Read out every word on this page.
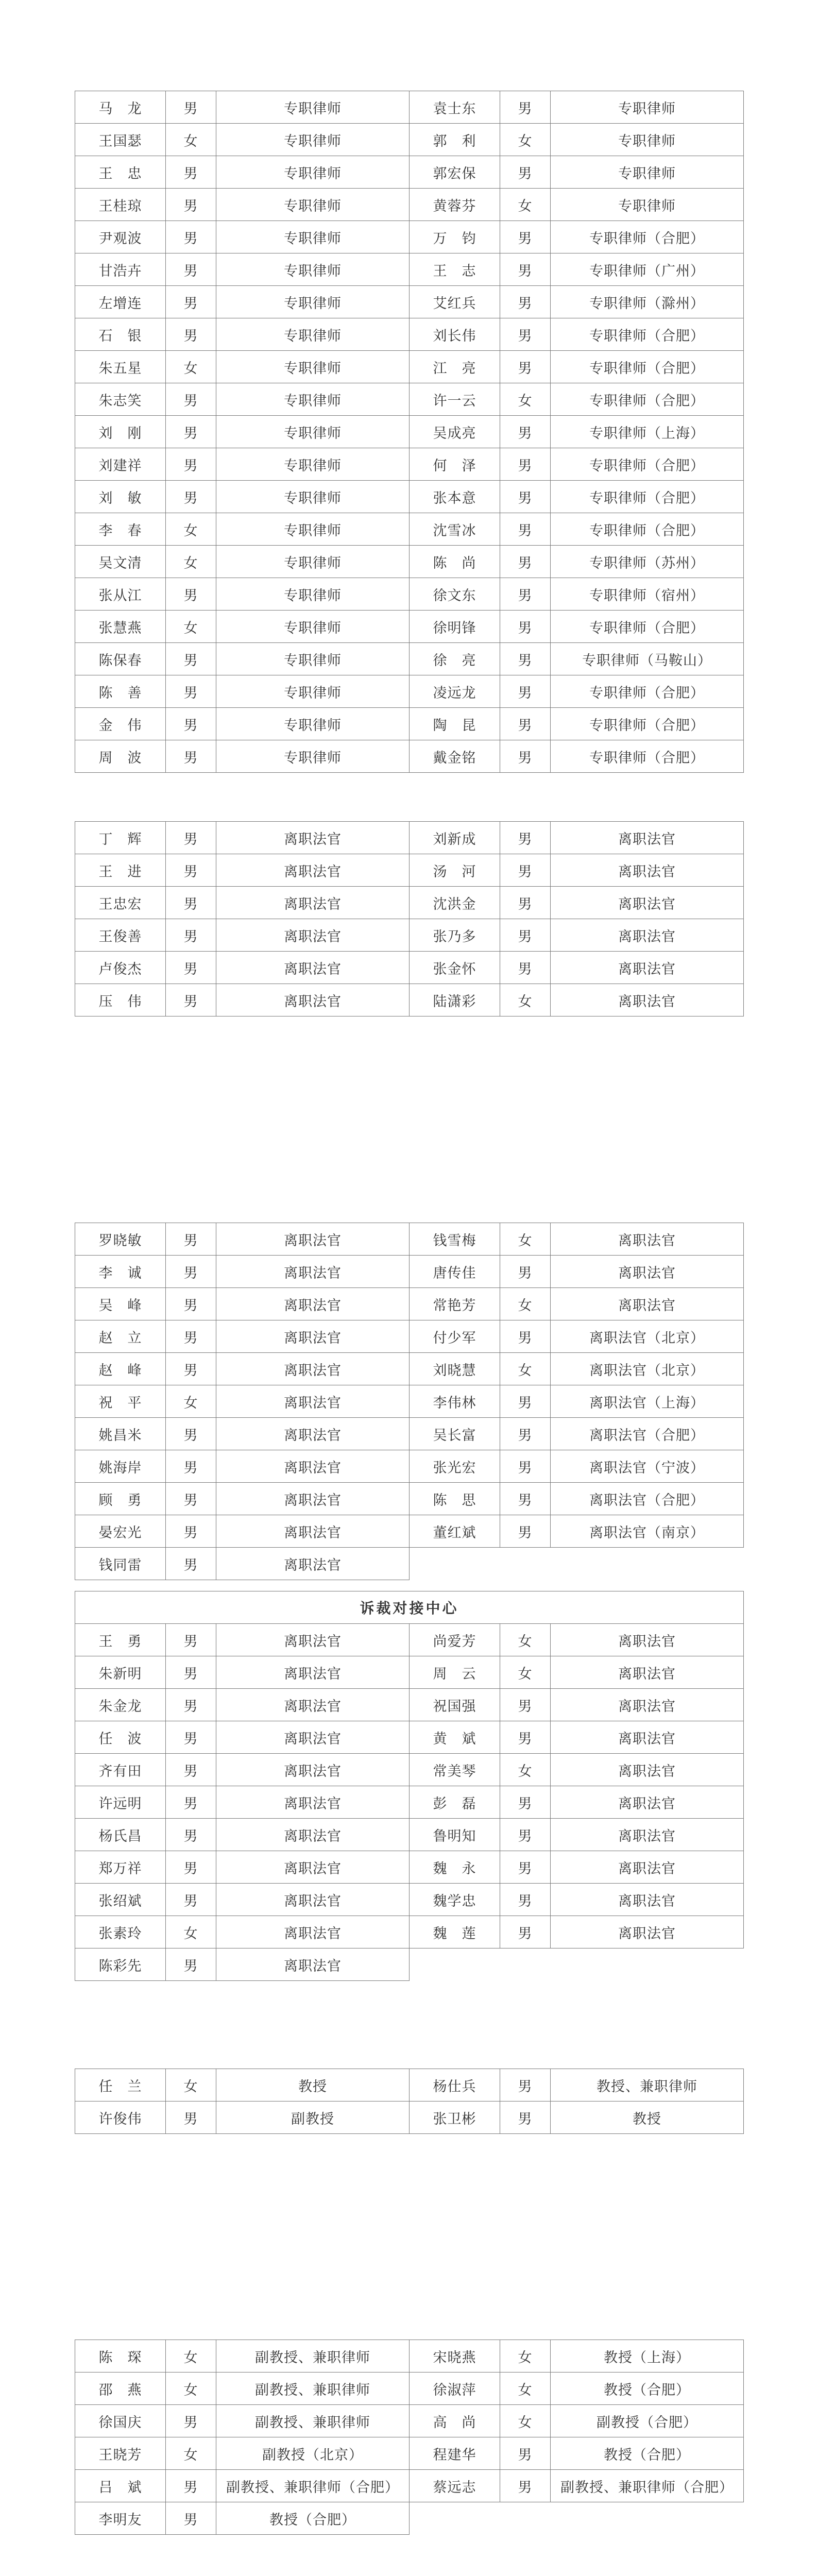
马　龙	男	专职律师	袁士东	男	专职律师
王国瑟	女	专职律师	郭　利	女	专职律师
王　忠	男	专职律师	郭宏保	男	专职律师
王桂琼	男	专职律师	黄蓉芬	女	专职律师
尹观波	男	专职律师	万　钧	男	专职律师（合肥）
甘浩卉	男	专职律师	王　志	男	专职律师（广州）
左增连	男	专职律师	艾红兵	男	专职律师（滁州）
石　银	男	专职律师	刘长伟	男	专职律师（合肥）
朱五星	女	专职律师	江　亮	男	专职律师（合肥）
朱志笑	男	专职律师	许一云	女	专职律师（合肥）
刘　刚	男	专职律师	吴成亮	男	专职律师（上海）
刘建祥	男	专职律师	何　泽	男	专职律师（合肥）
刘　敏	男	专职律师	张本意	男	专职律师（合肥）
李　春	女	专职律师	沈雪冰	男	专职律师（合肥）
吴文清	女	专职律师	陈　尚	男	专职律师（苏州）
张从江	男	专职律师	徐文东	男	专职律师（宿州）
张慧燕	女	专职律师	徐明锋	男	专职律师（合肥）
陈保春	男	专职律师	徐　亮	男	专职律师（马鞍山）
陈　善	男	专职律师	凌远龙	男	专职律师（合肥）
金　伟	男	专职律师	陶　昆	男	专职律师（合肥）
周　波	男	专职律师	戴金铭	男	专职律师（合肥）
丁　辉	男	离职法官	刘新成	男	离职法官
王　进	男	离职法官	汤　河	男	离职法官
王忠宏	男	离职法官	沈洪金	男	离职法官
王俊善	男	离职法官	张乃多	男	离职法官
卢俊杰	男	离职法官	张金怀	男	离职法官
压　伟	男	离职法官	陆潇彩	女	离职法官
罗晓敏	男	离职法官	钱雪梅	女	离职法官
李　诚	男	离职法官	唐传佳	男	离职法官
吴　峰	男	离职法官	常艳芳	女	离职法官
赵　立	男	离职法官	付少军	男	离职法官（北京）
赵　峰	男	离职法官	刘晓慧	女	离职法官（北京）
祝　平	女	离职法官	李伟林	男	离职法官（上海）
姚昌米	男	离职法官	吴长富	男	离职法官（合肥）
姚海岸	男	离职法官	张光宏	男	离职法官（宁波）
顾　勇	男	离职法官	陈　思	男	离职法官（合肥）
晏宏光	男	离职法官	董红斌	男	离职法官（南京）
钱同雷	男	离职法官			
诉裁对接中心					
王　勇	男	离职法官	尚爱芳	女	离职法官
朱新明	男	离职法官	周　云	女	离职法官
朱金龙	男	离职法官	祝国强	男	离职法官
任　波	男	离职法官	黄　斌	男	离职法官
齐有田	男	离职法官	常美琴	女	离职法官
许远明	男	离职法官	彭　磊	男	离职法官
杨氏昌	男	离职法官	鲁明知	男	离职法官
郑万祥	男	离职法官	魏　永	男	离职法官
张绍斌	男	离职法官	魏学忠	男	离职法官
张素玲	女	离职法官	魏　莲	男	离职法官
陈彩先	男	离职法官			
任　兰	女	教授	杨仕兵	男	教授、兼职律师
许俊伟	男	副教授	张卫彬	男	教授
陈　琛	女	副教授、兼职律师	宋晓燕	女	教授（上海）
邵　燕	女	副教授、兼职律师	徐淑萍	女	教授（合肥）
徐国庆	男	副教授、兼职律师	高　尚	女	副教授（合肥）
王晓芳	女	副教授（北京）	程建华	男	教授（合肥）
吕　斌	男	副教授、兼职律师（合肥）	蔡远志	男	副教授、兼职律师（合肥）
李明友	男	教授（合肥）			
